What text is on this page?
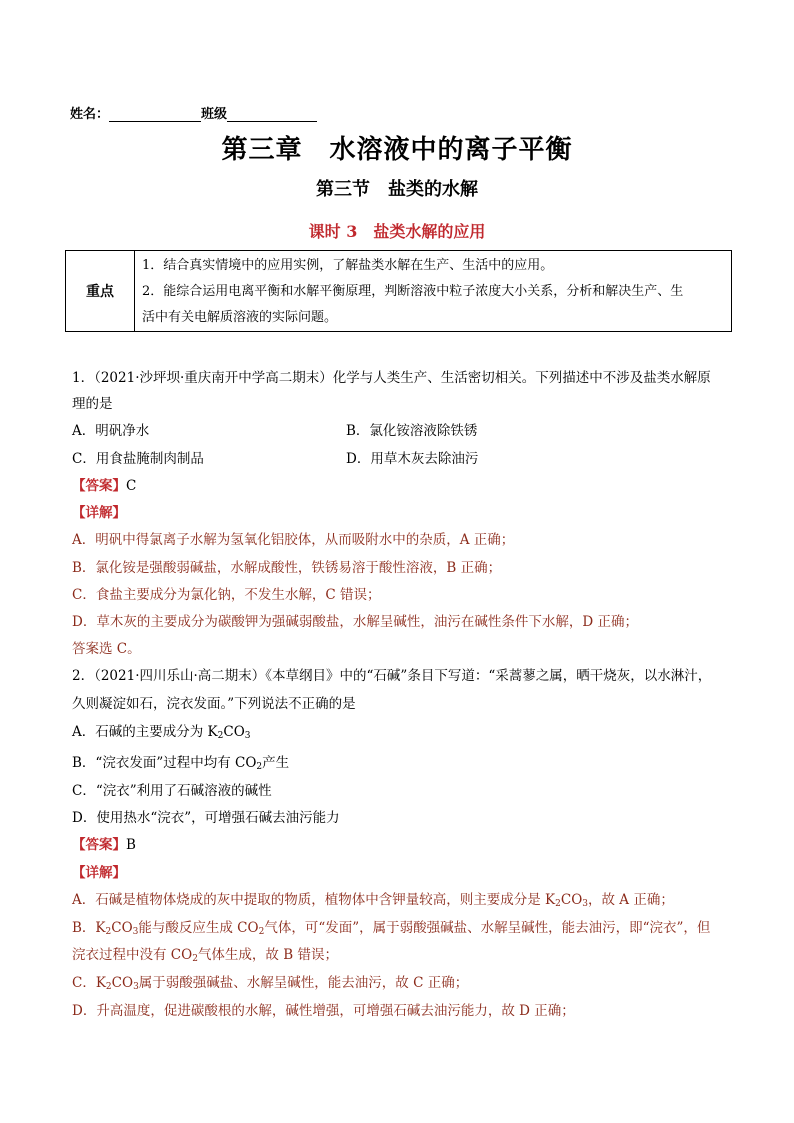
姓名：	班级
第三章　水溶液中的离子平衡
第三节　盐类的水解
课时 3　盐类水解的应用
重点
1．结合真实情境中的应用实例，了解盐类水解在生产、生活中的应用。
2．能综合运用电离平衡和水解平衡原理，判断溶液中粒子浓度大小关系，分析和解决生产、生
活中有关电解质溶液的实际问题。
1．（2021·沙坪坝·重庆南开中学高二期末）化学与人类生产、生活密切相关。下列描述中不涉及盐类水解原
理的是
A．明矾净水	B．氯化铵溶液除铁锈
C．用食盐腌制肉制品	D．用草木灰去除油污
【答案】C
【详解】
A．明矾中得氯离子水解为氢氧化铝胶体，从而吸附水中的杂质，A 正确；
B．氯化铵是强酸弱碱盐，水解成酸性，铁锈易溶于酸性溶液，B 正确；
C．食盐主要成分为氯化钠，不发生水解，C 错误；
D．草木灰的主要成分为碳酸钾为强碱弱酸盐，水解呈碱性，油污在碱性条件下水解，D 正确；
答案选 C。
2．（2021·四川乐山·高二期末）《本草纲目》中的“石碱”条目下写道：“采蒿蓼之属，晒干烧灰，以水淋汁，
久则凝淀如石，浣衣发面。”下列说法不正确的是
A．石碱的主要成分为 $K_2CO_3$
B．“浣衣发面”过程中均有 $CO_2$产生
C．“浣衣”利用了石碱溶液的碱性
D．使用热水“浣衣”，可增强石碱去油污能力
【答案】B
【详解】
A．石碱是植物体烧成的灰中提取的物质，植物体中含钾量较高，则主要成分是 $K_2CO_3$，故 A 正确；
B．$K_2CO_3$能与酸反应生成 $CO_2$气体，可“发面”，属于弱酸强碱盐、水解呈碱性，能去油污，即“浣衣”，但
浣衣过程中没有 $CO_2$气体生成，故 B 错误；
C．$K_2CO_3$属于弱酸强碱盐、水解呈碱性，能去油污，故 C 正确；
D．升高温度，促进碳酸根的水解，碱性增强，可增强石碱去油污能力，故 D 正确；
